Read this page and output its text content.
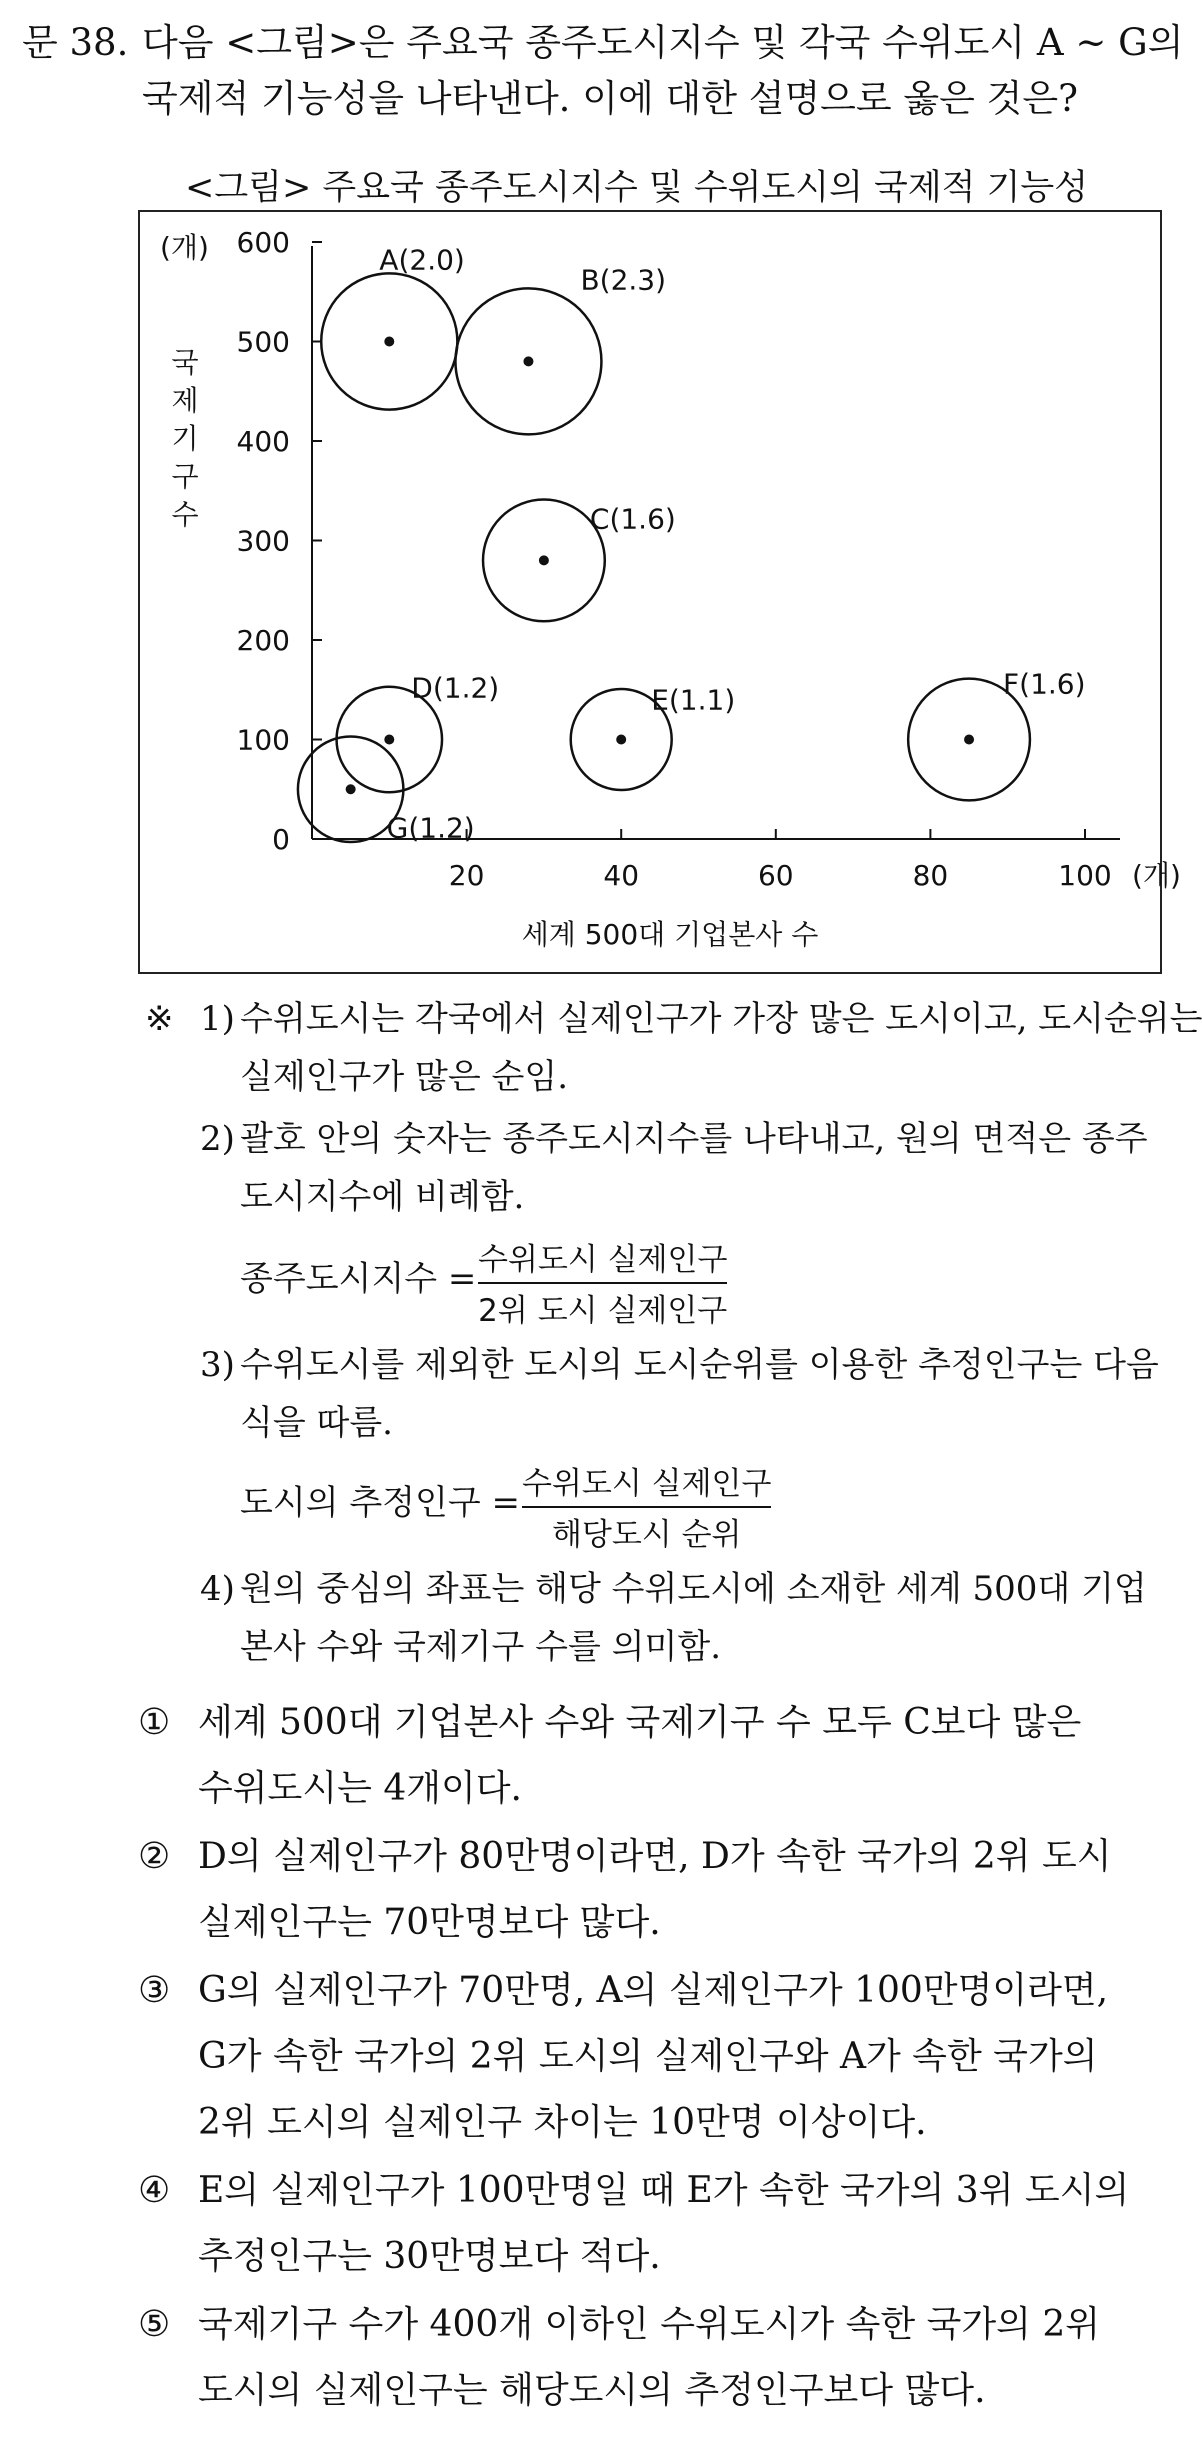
문 38. 다음 <그림>은 주요국 종주도시지수 및 각국 수위도시 A ~ G의
국제적 기능성을 나타낸다. 이에 대한 설명으로 옳은 것은?
<그림> 주요국 종주도시지수 및 수위도시의 국제적 기능성
(개)
(개)
0
100
200
300
400
500
600
20	40	60	80	100
국
제
기
구
수
세계 500대 기업본사 수
A(2.0)
B(2.3)
C(1.6)
D(1.2)	E(1.1)	F(1.6)
G(1.2)
※ 1) 수위도시는 각국에서 실제인구가 가장 많은 도시이고, 도시순위는
실제인구가 많은 순임.
2) 괄호 안의 숫자는 종주도시지수를 나타내고, 원의 면적은 종주
도시지수에 비례함.
종주도시지수 = 수위도시 실제인구
2위 도시 실제인구
3) 수위도시를 제외한 도시의 도시순위를 이용한 추정인구는 다음
식을 따름.
도시의 추정인구 = 수위도시 실제인구
해당도시 순위
4) 원의 중심의 좌표는 해당 수위도시에 소재한 세계 500대 기업
본사 수와 국제기구 수를 의미함.
① 세계 500대 기업본사 수와 국제기구 수 모두 C보다 많은
수위도시는 4개이다.
② D의 실제인구가 80만명이라면, D가 속한 국가의 2위 도시
실제인구는 70만명보다 많다.
③ G의 실제인구가 70만명, A의 실제인구가 100만명이라면,
G가 속한 국가의 2위 도시의 실제인구와 A가 속한 국가의
2위 도시의 실제인구 차이는 10만명 이상이다.
④ E의 실제인구가 100만명일 때 E가 속한 국가의 3위 도시의
추정인구는 30만명보다 적다.
⑤ 국제기구 수가 400개 이하인 수위도시가 속한 국가의 2위
도시의 실제인구는 해당도시의 추정인구보다 많다.
